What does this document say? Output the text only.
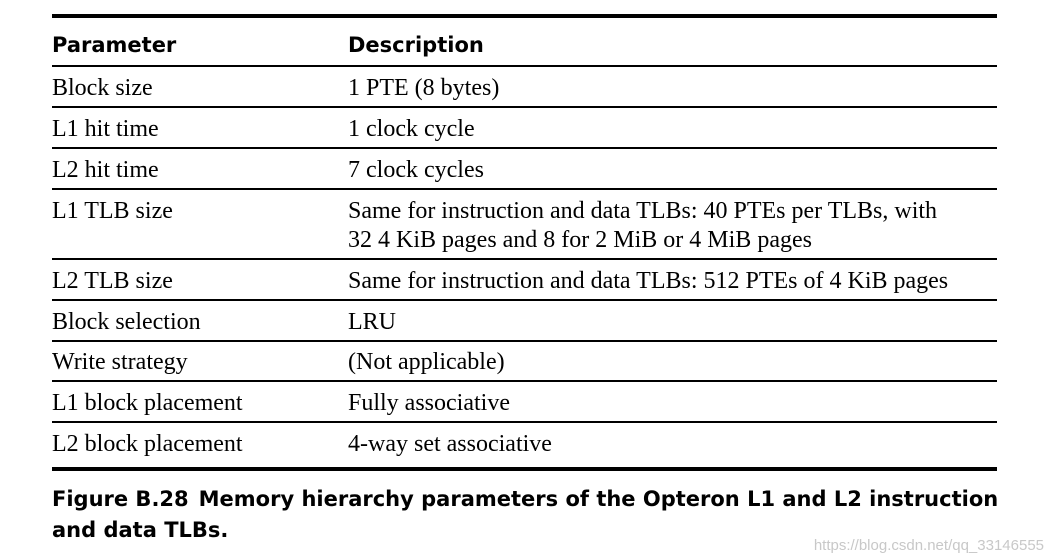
Parameter	Description
Block size	1 PTE (8 bytes)
L1 hit time	1 clock cycle
L2 hit time	7 clock cycles
L1 TLB size	Same for instruction and data TLBs: 40 PTEs per TLBs, with
32 4 KiB pages and 8 for 2 MiB or 4 MiB pages
L2 TLB size	Same for instruction and data TLBs: 512 PTEs of 4 KiB pages
Block selection	LRU
Write strategy	(Not applicable)
L1 block placement	Fully associative
L2 block placement	4-way set associative
Figure B.28 Memory hierarchy parameters of the Opteron L1 and L2 instruction and data TLBs.
https://blog.csdn.net/qq_33146555
